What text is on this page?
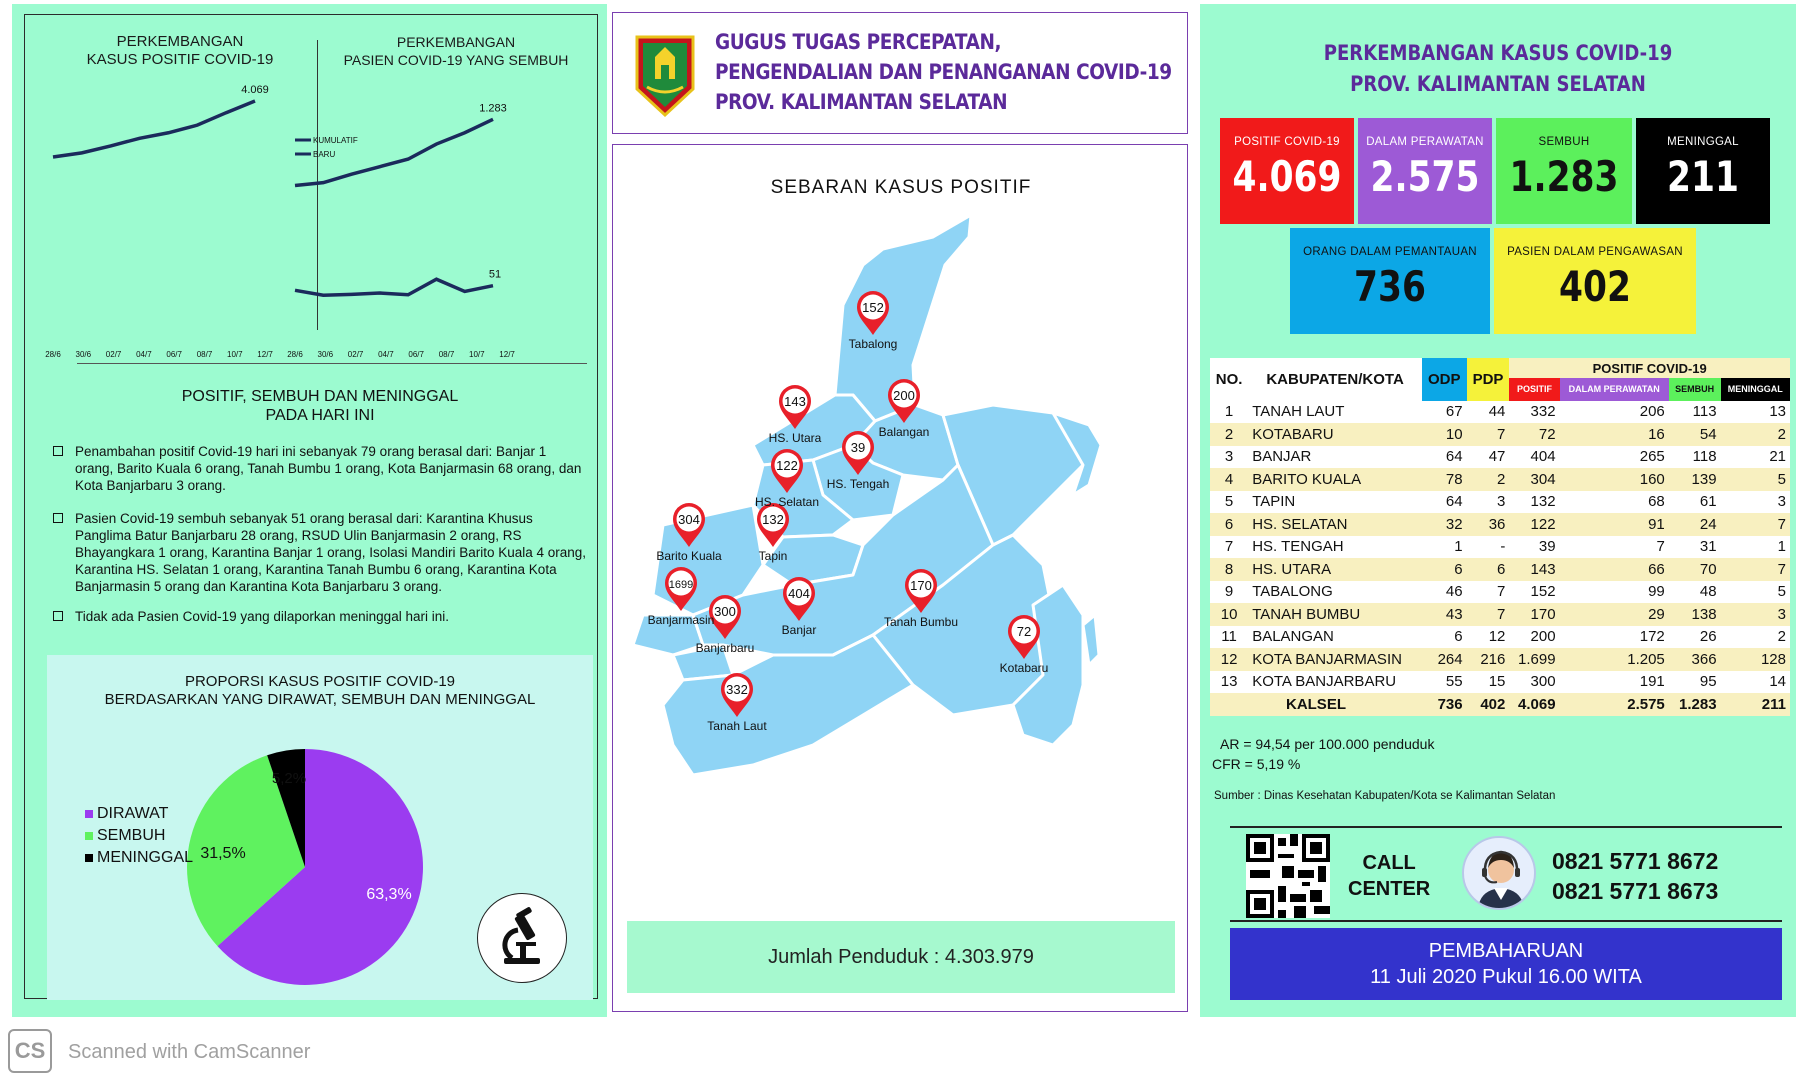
PERKEMBANGAN
KASUS POSITIF COVID-19
PERKEMBANGAN
PASIEN COVID-19 YANG SEMBUH
4.069
28/6 30/6 02/7 04/7 06/7 08/7 10/7 12/7
1.283
51
KUMULATIF
BARU
28/6 30/6 02/7 04/7 06/7 08/7 10/7 12/7
POSITIF, SEMBUH DAN MENINGGAL
PADA HARI INI
Penambahan positif Covid-19 hari ini sebanyak 79 orang berasal dari: Banjar 1 orang, Barito Kuala 6 orang, Tanah Bumbu 1 orang, Kota Banjarmasin 68 orang, dan Kota Banjarbaru 3 orang.
Pasien Covid-19 sembuh sebanyak 51 orang berasal dari: Karantina Khusus Panglima Batur Banjarbaru 28 orang, RSUD Ulin Banjarmasin 2 orang, RS Bhayangkara 1 orang, Karantina Banjar 1 orang, Isolasi Mandiri Barito Kuala 4 orang, Karantina HS. Selatan 1 orang, Karantina Tanah Bumbu 6 orang, Karantina Kota Banjarmasin 5 orang dan Karantina Kota Banjarbaru 3 orang.
Tidak ada Pasien Covid-19 yang dilaporkan meninggal hari ini.
PROPORSI KASUS POSITIF COVID-19
BERDASARKAN YANG DIRAWAT, SEMBUH DAN MENINGGAL
63,3%
31,5%
5,2%
DIRAWAT
SEMBUH
MENINGGAL
GUGUS TUGAS PERCEPATAN,
PENGENDALIAN DAN PENANGANAN COVID-19
PROV. KALIMANTAN SELATAN
SEBARAN KASUS POSITIF
152
143	200
39
122
304	132
1699
300
404
170
72
332
Tabalong
HS. Utara	Balangan
HS. Tengah
HS. Selatan
Barito Kuala	Tapin
Banjarmasin
Banjarbaru
Banjar
Tanah Bumbu
Kotabaru
Tanah Laut
Jumlah Penduduk : 4.303.979
PERKEMBANGAN KASUS COVID-19
PROV. KALIMANTAN SELATAN
POSITIF COVID-19
4.069
DALAM PERAWATAN
2.575
SEMBUH
1.283
MENINGGAL
211
ORANG DALAM PEMANTAUAN
736
PASIEN DALAM PENGAWASAN
402
NO.	KABUPATEN/KOTA	ODP	PDP	POSITIF COVID-19			
				POSITIF	DALAM PERAWATAN	SEMBUH	MENINGGAL
1	TANAH LAUT	67	44	332	206	113	13
2	KOTABARU	10	7	72	16	54	2
3	BANJAR	64	47	404	265	118	21
4	BARITO KUALA	78	2	304	160	139	5
5	TAPIN	64	3	132	68	61	3
6	HS. SELATAN	32	36	122	91	24	7
7	HS. TENGAH	1	-	39	7	31	1
8	HS. UTARA	6	6	143	66	70	7
9	TABALONG	46	7	152	99	48	5
10	TANAH BUMBU	43	7	170	29	138	3
11	BALANGAN	6	12	200	172	26	2
12	KOTA BANJARMASIN	264	216	1.699	1.205	366	128
13	KOTA BANJARBARU	55	15	300	191	95	14
KALSEL		736	402	4.069	2.575	1.283	211
AR = 94,54 per 100.000 penduduk
CFR = 5,19 %
Sumber : Dinas Kesehatan Kabupaten/Kota se Kalimantan Selatan
CALL
CENTER
0821 5771 8672
0821 5771 8673
PEMBAHARUAN
11 Juli 2020 Pukul 16.00 WITA
CS	Scanned with CamScanner
